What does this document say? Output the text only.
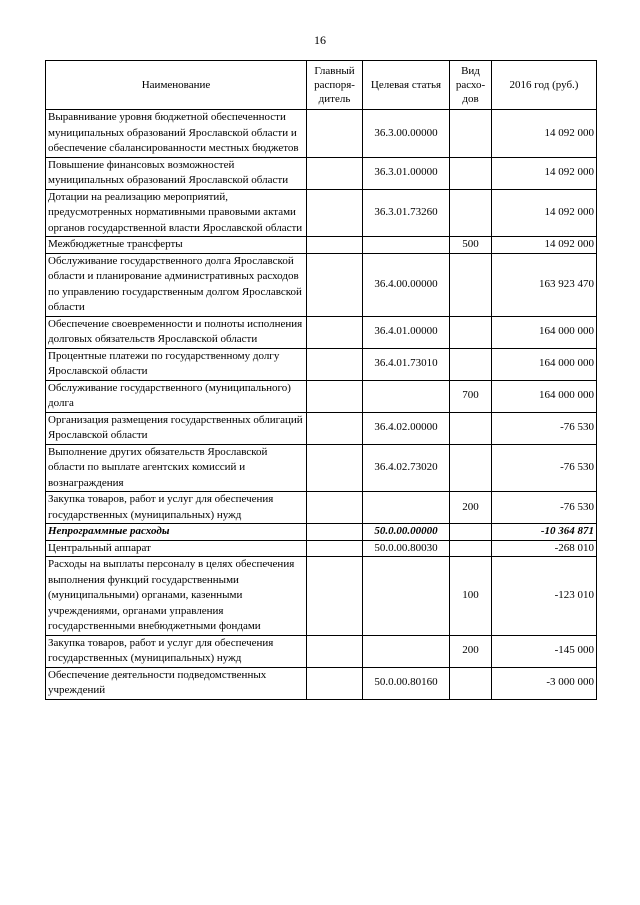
16
Наименование	Главный распоря-дитель	Целевая статья	Вид расхо-дов	2016 год (руб.)
Выравнивание уровня бюджетной обеспеченности муниципальных образований Ярославской области и обеспечение сбалансированности местных бюджетов		36.3.00.00000		14 092 000
Повышение финансовых возможностей муниципальных образований Ярославской области		36.3.01.00000		14 092 000
Дотации на реализацию мероприятий, предусмотренных нормативными правовыми актами органов государственной власти Ярославской области		36.3.01.73260		14 092 000
Межбюджетные трансферты			500	14 092 000
Обслуживание государственного долга Ярославской области и планирование административных расходов по управлению государственным долгом Ярославской области		36.4.00.00000		163 923 470
Обеспечение своевременности и полноты исполнения долговых обязательств Ярославской области		36.4.01.00000		164 000 000
Процентные платежи по государственному долгу Ярославской области		36.4.01.73010		164 000 000
Обслуживание государственного (муниципального) долга			700	164 000 000
Организация размещения государственных облигаций Ярославской области		36.4.02.00000		-76 530
Выполнение других обязательств Ярославской области по выплате агентских комиссий и вознаграждения		36.4.02.73020		-76 530
Закупка товаров, работ и услуг для обеспечения государственных (муниципальных) нужд			200	-76 530
Непрограммные расходы		50.0.00.00000		-10 364 871
Центральный аппарат		50.0.00.80030		-268 010
Расходы на выплаты персоналу в целях обеспечения выполнения функций государственными (муниципальными) органами, казенными учреждениями, органами управления государственными внебюджетными фондами			100	-123 010
Закупка товаров, работ и услуг для обеспечения государственных (муниципальных) нужд			200	-145 000
Обеспечение деятельности подведомственных учреждений		50.0.00.80160		-3 000 000
